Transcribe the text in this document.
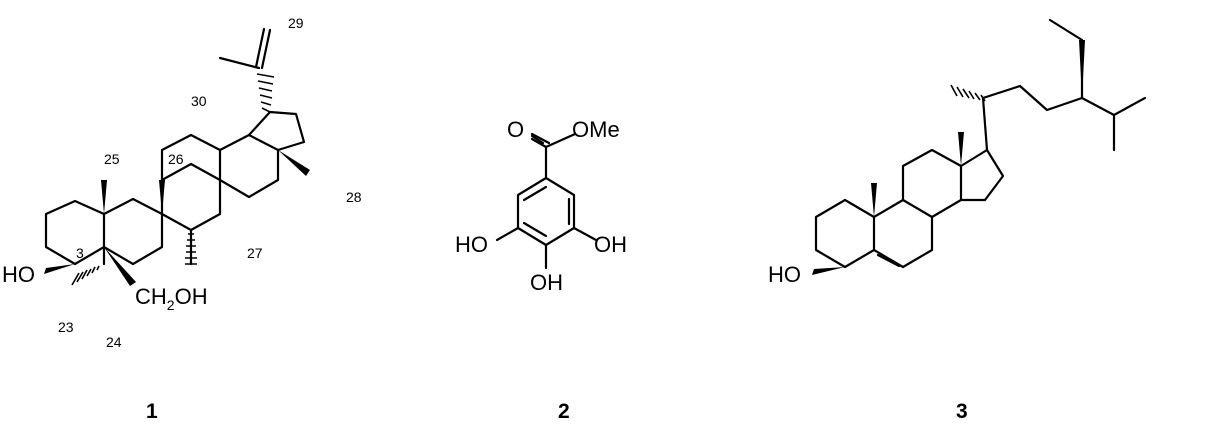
HO
$CH_2OH$
3
23
24
25	26
27
28
29
30
1
O OMe
HO	OH
OH
2
HO
3
